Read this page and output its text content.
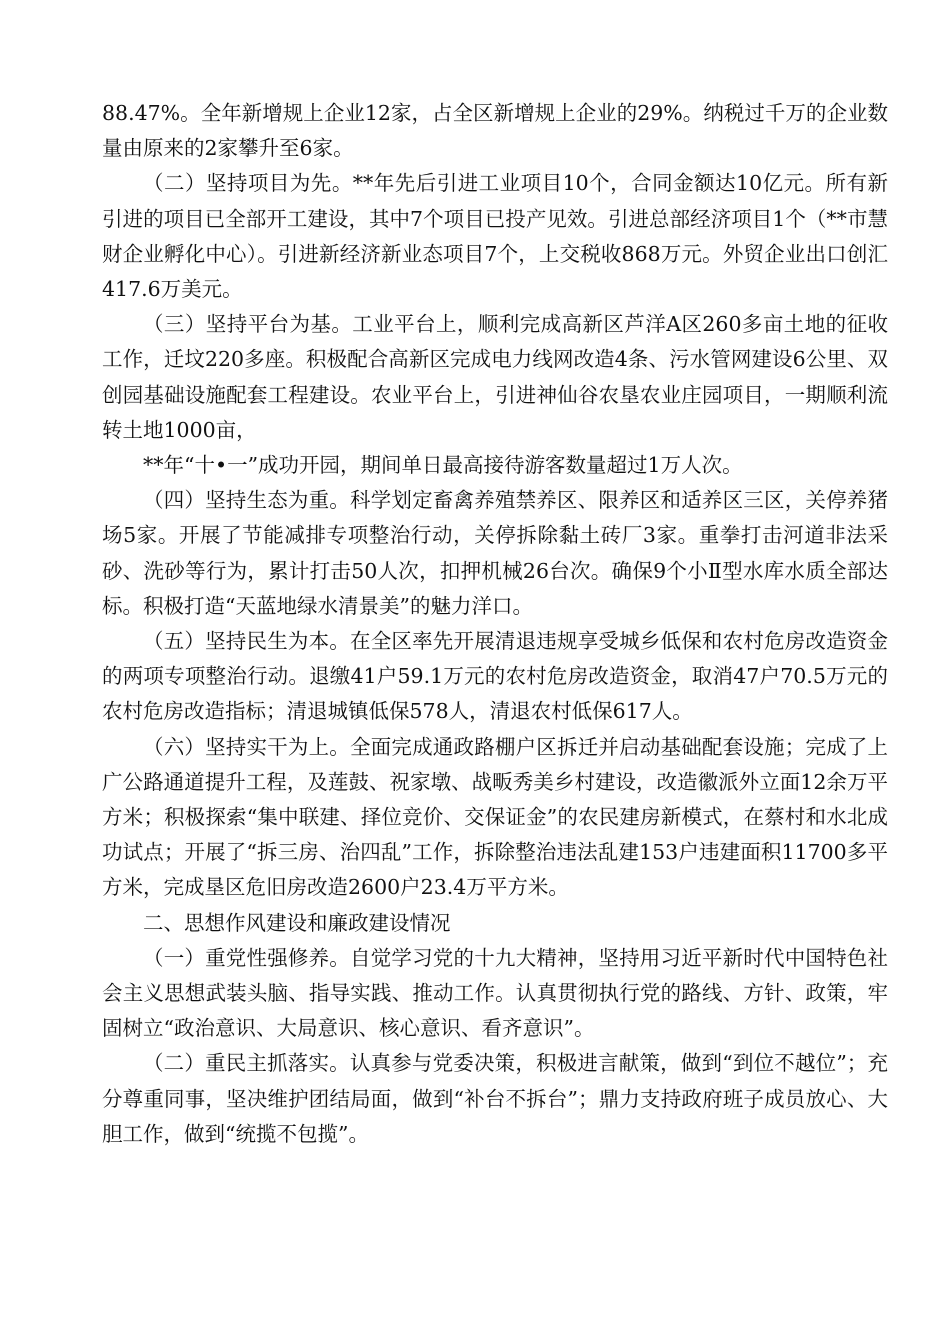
88.47%。全年新增规上企业12家，占全区新增规上企业的29%。纳税过千万的企业数量由原来的2家攀升至6家。

（二）坚持项目为先。**年先后引进工业项目10个，合同金额达10亿元。所有新引进的项目已全部开工建设，其中7个项目已投产见效。引进总部经济项目1个（**市慧财企业孵化中心）。引进新经济新业态项目7个，上交税收868万元。外贸企业出口创汇417.6万美元。

（三）坚持平台为基。工业平台上，顺利完成高新区芦洋A区260多亩土地的征收工作，迁坟220多座。积极配合高新区完成电力线网改造4条、污水管网建设6公里、双创园基础设施配套工程建设。农业平台上，引进神仙谷农垦农业庄园项目，一期顺利流转土地1000亩，

**年“十•一”成功开园，期间单日最高接待游客数量超过1万人次。

（四）坚持生态为重。科学划定畜禽养殖禁养区、限养区和适养区三区，关停养猪场5家。开展了节能减排专项整治行动，关停拆除黏土砖厂3家。重拳打击河道非法采砂、洗砂等行为，累计打击50人次，扣押机械26台次。确保9个小Ⅱ型水库水质全部达标。积极打造“天蓝地绿水清景美”的魅力洋口。

（五）坚持民生为本。在全区率先开展清退违规享受城乡低保和农村危房改造资金的两项专项整治行动。退缴41户59.1万元的农村危房改造资金，取消47户70.5万元的农村危房改造指标；清退城镇低保578人，清退农村低保617人。

（六）坚持实干为上。全面完成通政路棚户区拆迁并启动基础配套设施；完成了上广公路通道提升工程，及莲鼓、祝家墩、战畈秀美乡村建设，改造徽派外立面12余万平方米；积极探索“集中联建、择位竞价、交保证金”的农民建房新模式，在蔡村和水北成功试点；开展了“拆三房、治四乱”工作，拆除整治违法乱建153户违建面积11700多平方米，完成垦区危旧房改造2600户23.4万平方米。

二、思想作风建设和廉政建设情况

（一）重党性强修养。自觉学习党的十九大精神，坚持用习近平新时代中国特色社会主义思想武装头脑、指导实践、推动工作。认真贯彻执行党的路线、方针、政策，牢固树立“政治意识、大局意识、核心意识、看齐意识”。

（二）重民主抓落实。认真参与党委决策，积极进言献策，做到“到位不越位”；充分尊重同事，坚决维护团结局面，做到“补台不拆台”；鼎力支持政府班子成员放心、大胆工作，做到“统揽不包揽”。
